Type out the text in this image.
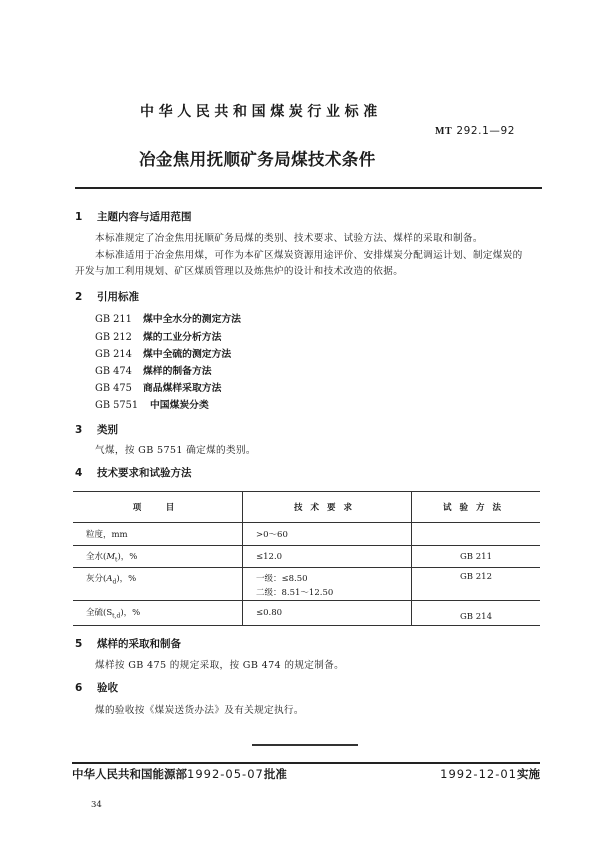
中华人民共和国煤炭行业标准
MT 292.1—92
冶金焦用抚顺矿务局煤技术条件
1 主题内容与适用范围
本标准规定了冶金焦用抚顺矿务局煤的类别、技术要求、试验方法、煤样的采取和制备。
本标准适用于冶金焦用煤，可作为本矿区煤炭资源用途评价、安排煤炭分配调运计划、制定煤炭的
开发与加工利用规划、矿区煤质管理以及炼焦炉的设计和技术改造的依据。
2 引用标准
GB 211 煤中全水分的测定方法
GB 212 煤的工业分析方法
GB 214 煤中全硫的测定方法
GB 474 煤样的制备方法
GB 475 商品煤样采取方法
GB 5751 中国煤炭分类
3 类别
气煤，按 GB 5751 确定煤的类别。
4 技术要求和试验方法
项　目	技术要求	试验方法
粒度，mm	>0～60	
全水$(M_t)$，%	≤12.0	GB 211
灰分$(A_d)$，%	一级：≤8.50
二级：8.51～12.50	GB 212
全硫$(S_{t,d})$，%	≤0.80	GB 214
5 煤样的采取和制备
煤样按 GB 475 的规定采取，按 GB 474 的规定制备。
6 验收
煤的验收按《煤炭送货办法》及有关规定执行。
中华人民共和国能源部1992-05-07批准	1992-12-01实施
34
